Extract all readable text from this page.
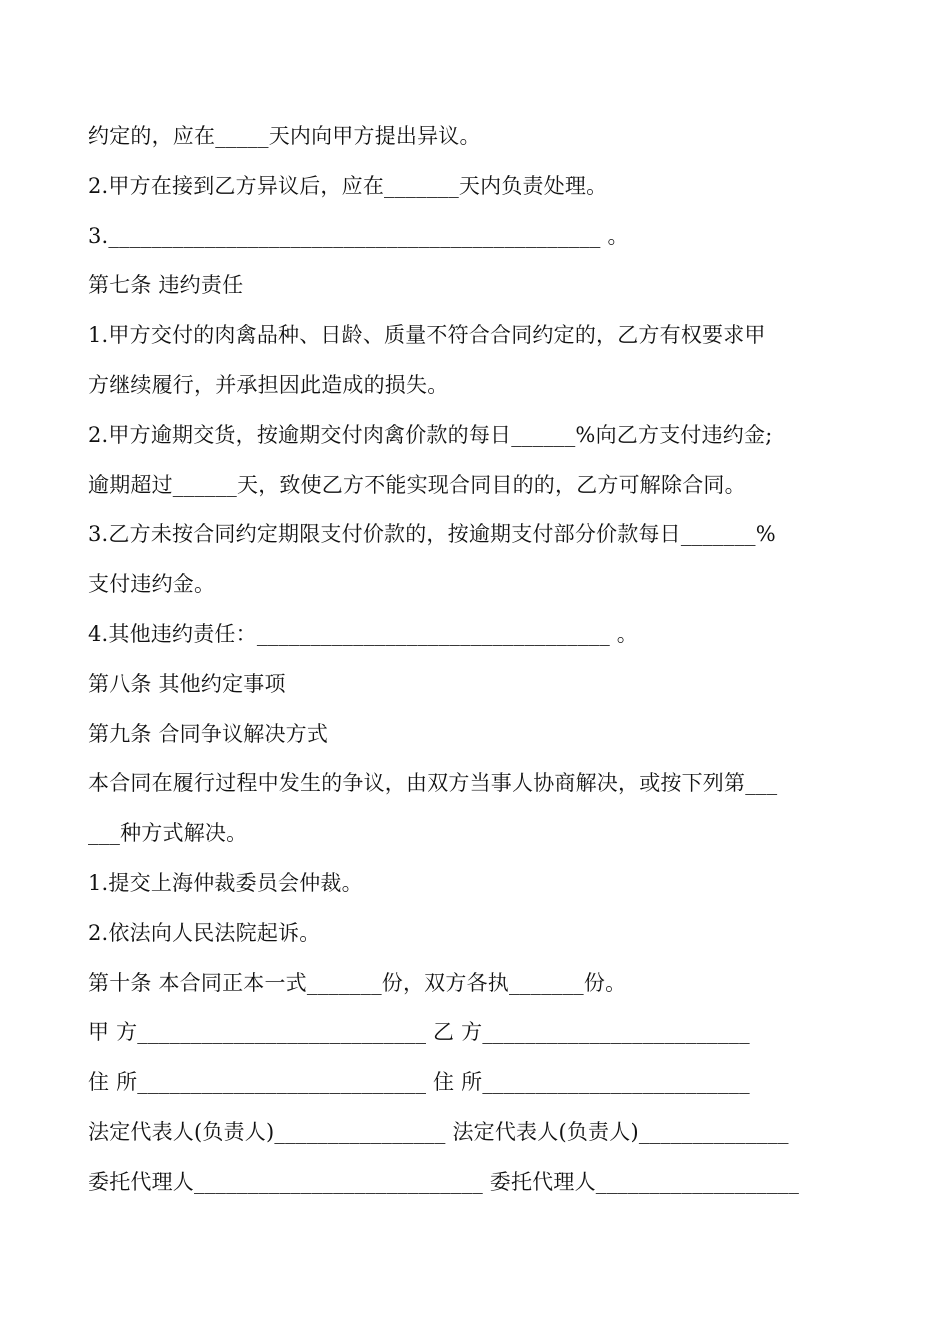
约定的，应在_____天内向甲方提出异议。
2.甲方在接到乙方异议后，应在_______天内负责处理。
3.______________________________________________ 。
第七条 违约责任
1.甲方交付的肉禽品种、日龄、质量不符合合同约定的，乙方有权要求甲
方继续履行，并承担因此造成的损失。
2.甲方逾期交货，按逾期交付肉禽价款的每日______%向乙方支付违约金;
逾期超过______天，致使乙方不能实现合同目的的，乙方可解除合同。
3.乙方未按合同约定期限支付价款的，按逾期支付部分价款每日_______%
支付违约金。
4.其他违约责任：_________________________________ 。
第八条 其他约定事项
第九条 合同争议解决方式
本合同在履行过程中发生的争议，由双方当事人协商解决，或按下列第___
___种方式解决。
1.提交上海仲裁委员会仲裁。
2.依法向人民法院起诉。
第十条 本合同正本一式_______份，双方各执_______份。
甲 方___________________________ 乙 方_________________________
住 所___________________________ 住 所_________________________
法定代表人(负责人)________________ 法定代表人(负责人)______________
委托代理人___________________________ 委托代理人___________________
